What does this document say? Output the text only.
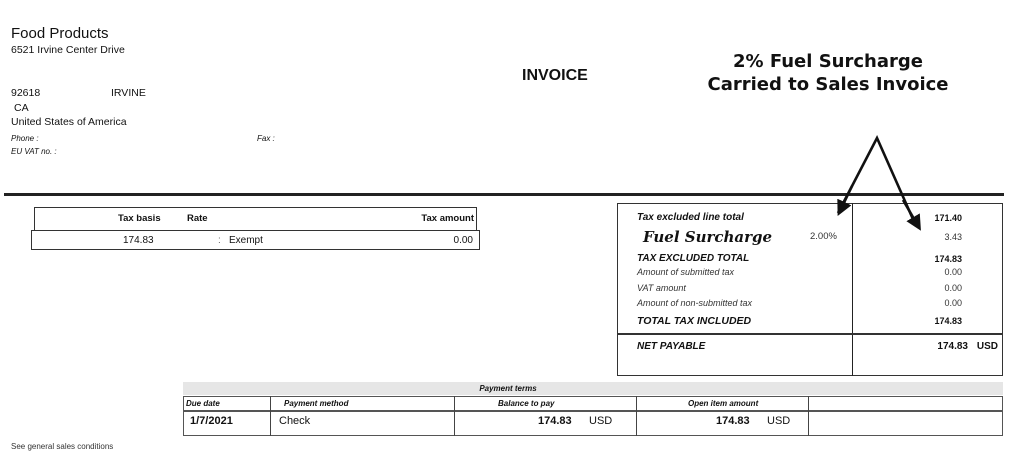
Food Products
6521 Irvine Center Drive
92618	IRVINE
CA
United States of America
Phone :	Fax :
EU VAT no. :
INVOICE
2% Fuel Surcharge
Carried to Sales Invoice
Tax basis	Rate	Tax amount
174.83	: Exempt	0.00
Tax excluded line total	171.40
Fuel Surcharge	2.00%	3.43
TAX EXCLUDED TOTAL	174.83
Amount of submitted tax	0.00
VAT amount	0.00
Amount of non-submitted tax	0.00
TOTAL TAX INCLUDED	174.83
NET PAYABLE	174.83 USD
Payment terms
Due date	Payment method	Balance to pay	Open item amount
1/7/2021	Check	174.83 USD	174.83 USD
See general sales conditions
